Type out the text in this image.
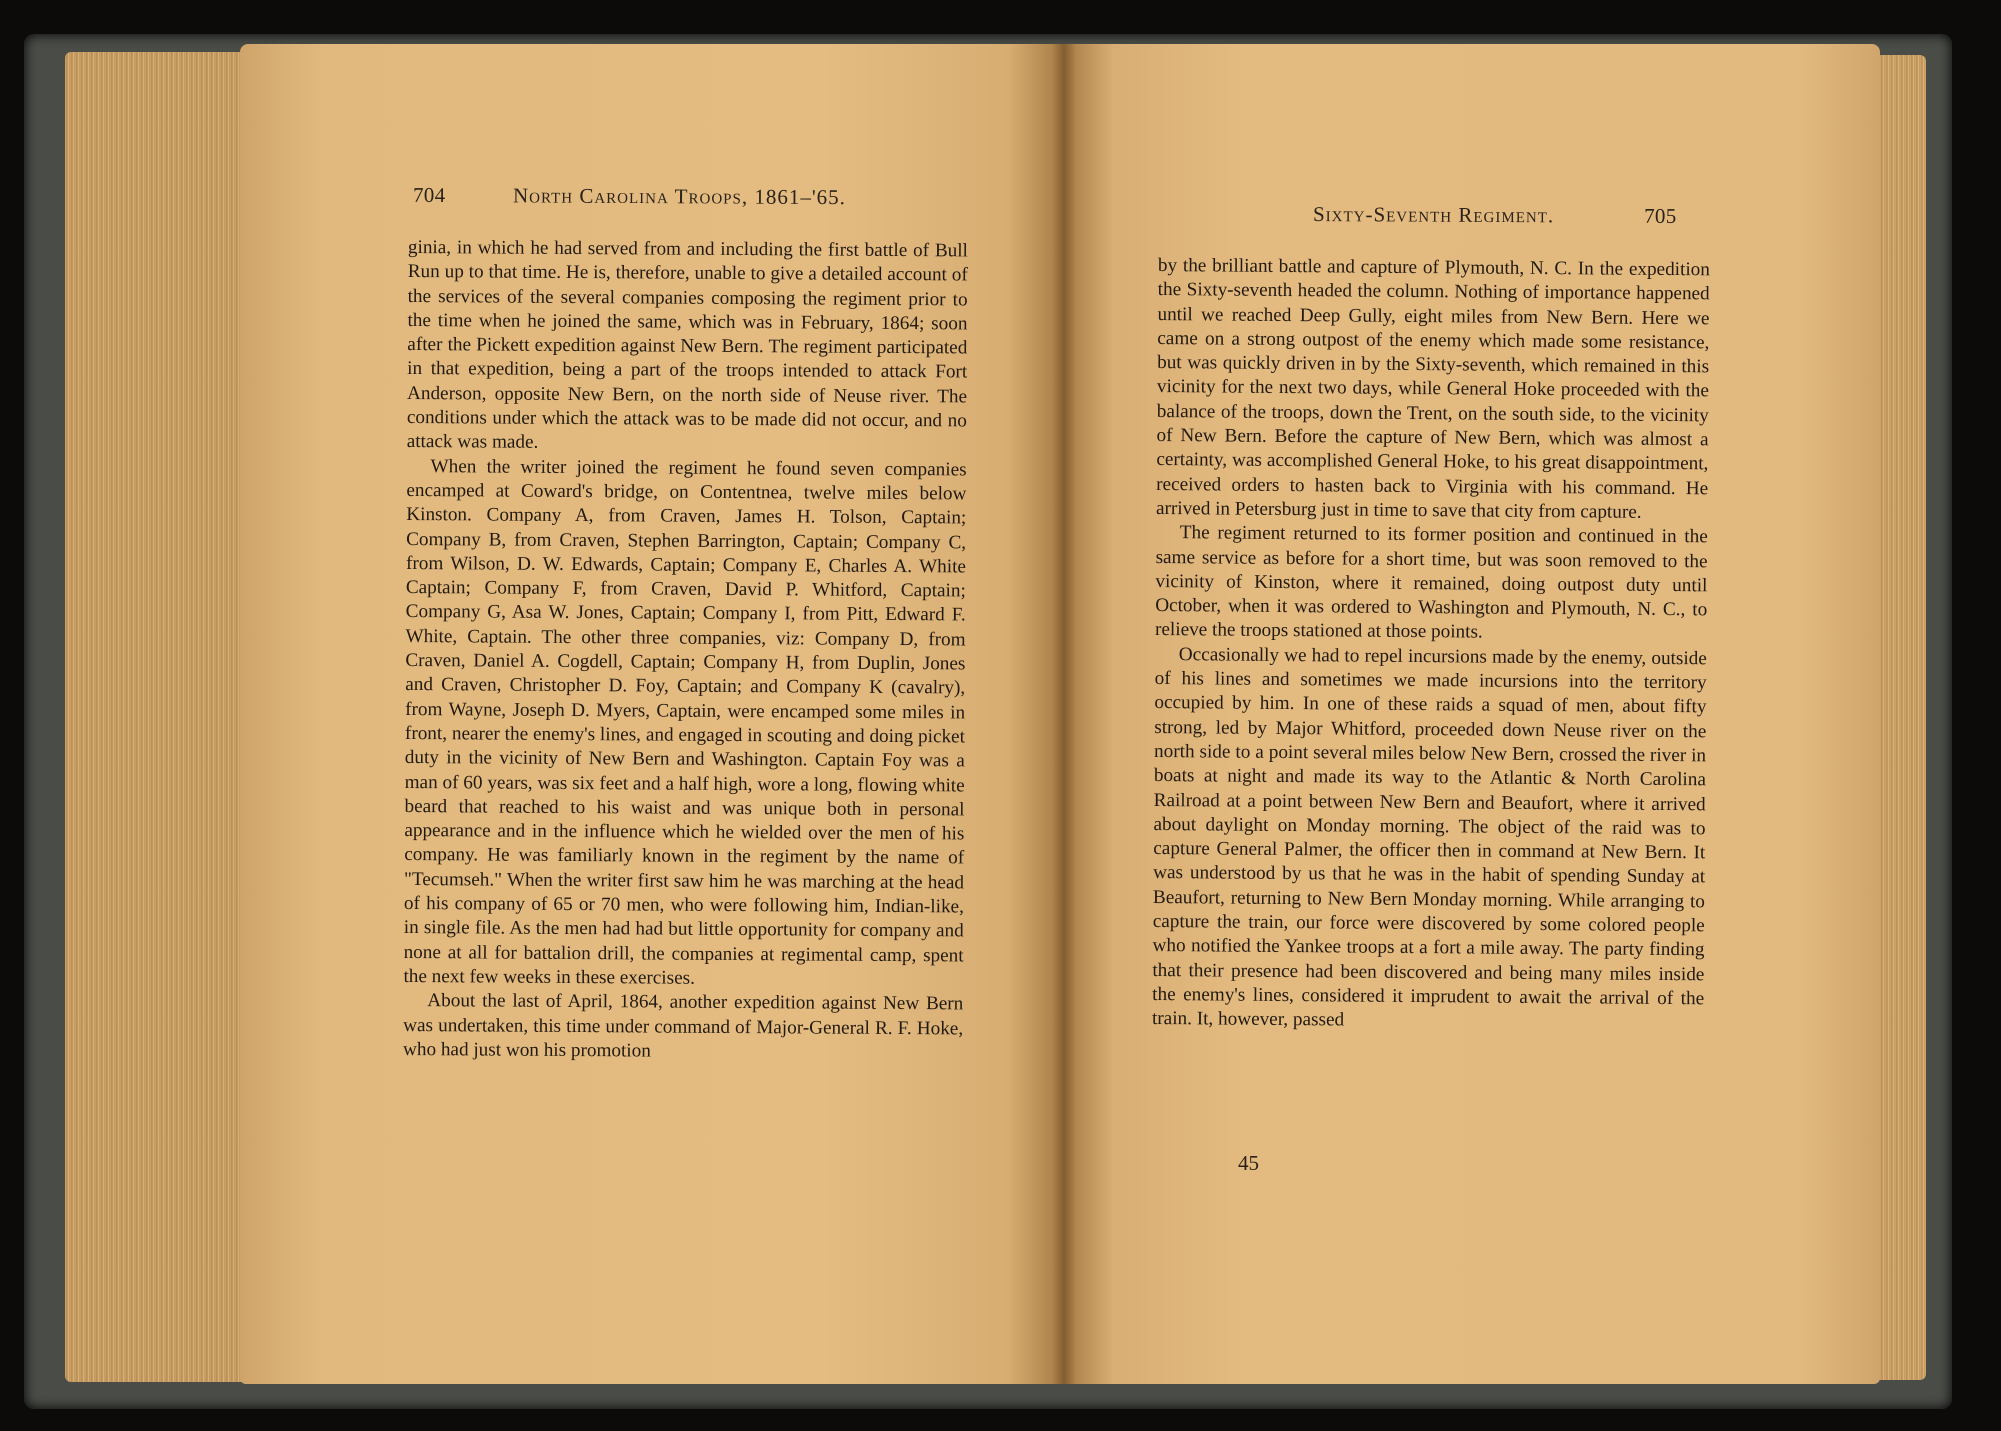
704	North Carolina Troops, 1861–'65.

ginia, in which he had served from and including the first battle of Bull Run up to that time. He is, therefore, unable to give a detailed account of the services of the several companies composing the regiment prior to the time when he joined the same, which was in February, 1864; soon after the Pickett expedition against New Bern. The regiment participated in that expedition, being a part of the troops intended to attack Fort Anderson, opposite New Bern, on the north side of Neuse river. The conditions under which the attack was to be made did not occur, and no attack was made.

When the writer joined the regiment he found seven companies encamped at Coward's bridge, on Contentnea, twelve miles below Kinston. Company A, from Craven, James H. Tolson, Captain; Company B, from Craven, Stephen Barrington, Captain; Company C, from Wilson, D. W. Edwards, Captain; Company E, Charles A. White Captain; Company F, from Craven, David P. Whitford, Captain; Company G, Asa W. Jones, Captain; Company I, from Pitt, Edward F. White, Captain. The other three companies, viz: Company D, from Craven, Daniel A. Cogdell, Captain; Company H, from Duplin, Jones and Craven, Christopher D. Foy, Captain; and Company K (cavalry), from Wayne, Joseph D. Myers, Captain, were encamped some miles in front, nearer the enemy's lines, and engaged in scouting and doing picket duty in the vicinity of New Bern and Washington. Captain Foy was a man of 60 years, was six feet and a half high, wore a long, flowing white beard that reached to his waist and was unique both in personal appearance and in the influence which he wielded over the men of his company. He was familiarly known in the regiment by the name of "Tecumseh." When the writer first saw him he was marching at the head of his company of 65 or 70 men, who were following him, Indian-like, in single file. As the men had had but little opportunity for company and none at all for battalion drill, the companies at regimental camp, spent the next few weeks in these exercises.

About the last of April, 1864, another expedition against New Bern was undertaken, this time under command of Major-General R. F. Hoke, who had just won his promotion

Sixty-Seventh Regiment.	705

by the brilliant battle and capture of Plymouth, N. C. In the expedition the Sixty-seventh headed the column. Nothing of importance happened until we reached Deep Gully, eight miles from New Bern. Here we came on a strong outpost of the enemy which made some resistance, but was quickly driven in by the Sixty-seventh, which remained in this vicinity for the next two days, while General Hoke proceeded with the balance of the troops, down the Trent, on the south side, to the vicinity of New Bern. Before the capture of New Bern, which was almost a certainty, was accomplished General Hoke, to his great disappointment, received orders to hasten back to Virginia with his command. He arrived in Petersburg just in time to save that city from capture.

The regiment returned to its former position and continued in the same service as before for a short time, but was soon removed to the vicinity of Kinston, where it remained, doing outpost duty until October, when it was ordered to Washington and Plymouth, N. C., to relieve the troops stationed at those points.

Occasionally we had to repel incursions made by the enemy, outside of his lines and sometimes we made incursions into the territory occupied by him. In one of these raids a squad of men, about fifty strong, led by Major Whitford, proceeded down Neuse river on the north side to a point several miles below New Bern, crossed the river in boats at night and made its way to the Atlantic & North Carolina Railroad at a point between New Bern and Beaufort, where it arrived about daylight on Monday morning. The object of the raid was to capture General Palmer, the officer then in command at New Bern. It was understood by us that he was in the habit of spending Sunday at Beaufort, returning to New Bern Monday morning. While arranging to capture the train, our force were discovered by some colored people who notified the Yankee troops at a fort a mile away. The party finding that their presence had been discovered and being many miles inside the enemy's lines, considered it imprudent to await the arrival of the train. It, however, passed

45
